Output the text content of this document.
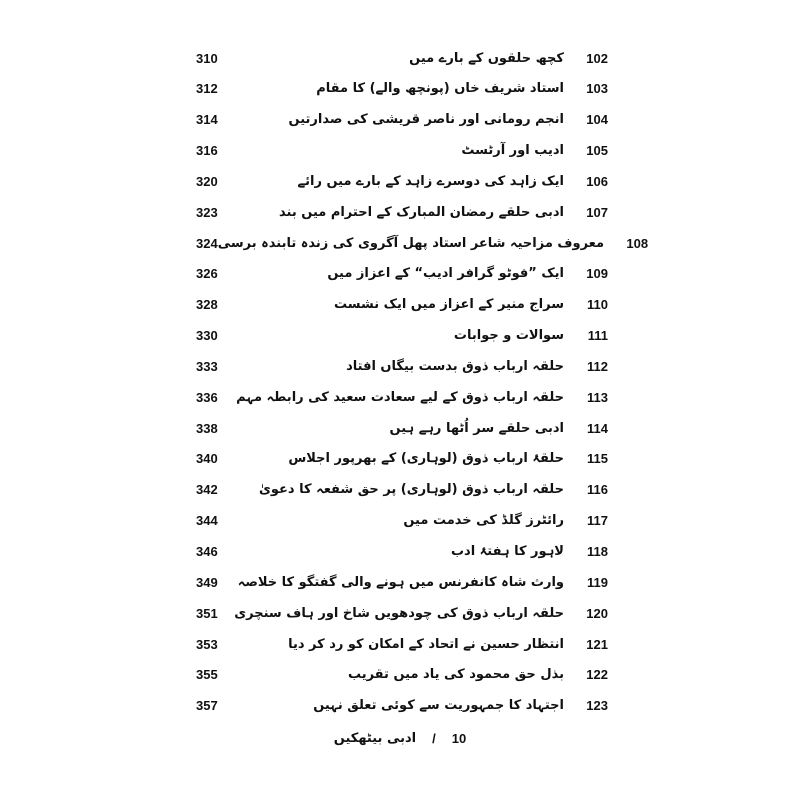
310	کچھ حلقوں کے بارے میں	102
312	استاد شریف خاں (پونچھ والے) کا مقام	103
314	انجم رومانی اور ناصر قریشی کی صدارتیں	104
316	ادیب اور آرٹسٹ	105
320	ایک زاہد کی دوسرے زاہد کے بارے میں رائے	106
323	ادبی حلقے رمضان المبارک کے احترام میں بند	107
324 معروف مزاحیہ شاعر استاد پھل آگروی کی زندہ تابندہ برسی	108
326	ایک ”فوٹو گرافر ادیب“ کے اعزاز میں	109
328	سراج منیر کے اعزاز میں ایک نشست	110
330	سوالات و جوابات	111
333	حلقہ ارباب ذوق بدست بیگاں افتاد	112
336	حلقہ ارباب ذوق کے لیے سعادت سعید کی رابطہ مہم	113
338	ادبی حلقے سر اُٹھا رہے ہیں	114
340	حلقۂ ارباب ذوق (لوہاری) کے بھرپور اجلاس	115
342	حلقہ ارباب ذوق (لوہاری) پر حق شفعہ کا دعویٰ	116
344	رائٹرز گلڈ کی خدمت میں	117
346	لاہور کا ہفتۂ ادب	118
349	وارث شاہ کانفرنس میں ہونے والی گفتگو کا خلاصہ	119
351	حلقہ ارباب ذوق کی چودھویں شاخ اور ہاف سنچری	120
353	انتظار حسین نے اتحاد کے امکان کو رد کر دیا	121
355	بذل حق محمود کی یاد میں تقریب	122
357	اجتہاد کا جمہوریت سے کوئی تعلق نہیں	123
ادبی بیٹھکیں / 10
